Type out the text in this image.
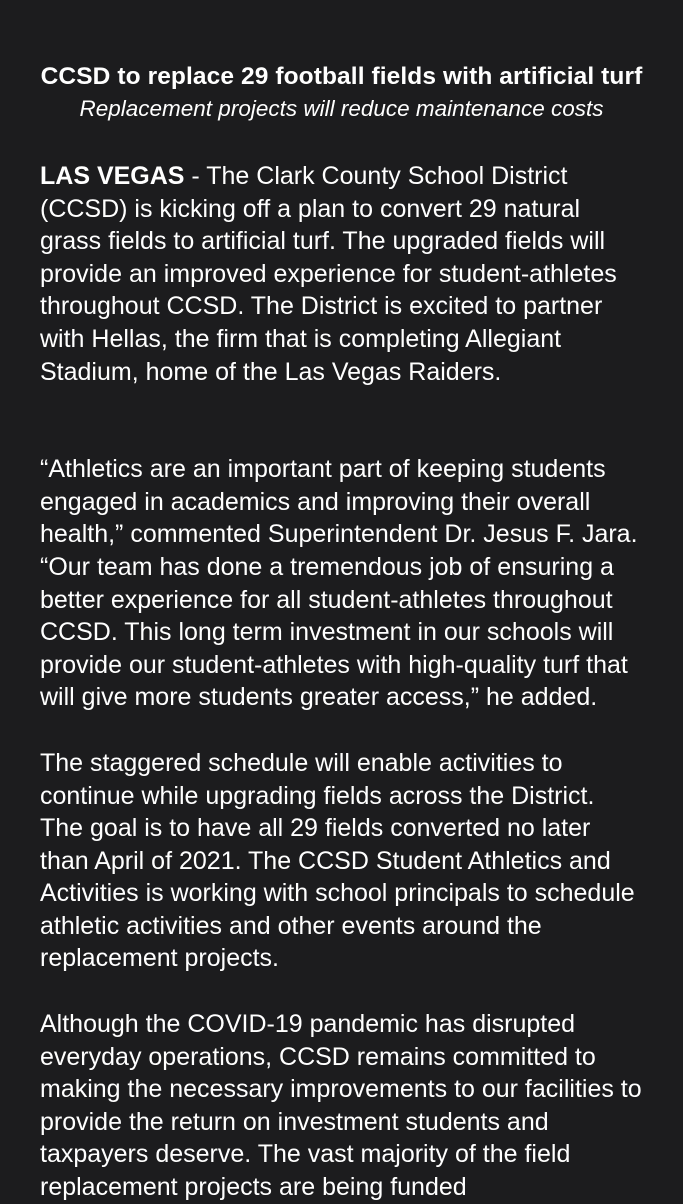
CCSD to replace 29 football fields with artificial turf

Replacement projects will reduce maintenance costs

LAS VEGAS - The Clark County School District (CCSD) is kicking off a plan to convert 29 natural grass fields to artificial turf. The upgraded fields will provide an improved experience for student-athletes throughout CCSD. The District is excited to partner with Hellas, the firm that is completing Allegiant Stadium, home of the Las Vegas Raiders.

“Athletics are an important part of keeping students engaged in academics and improving their overall health,” commented Superintendent Dr. Jesus F. Jara. “Our team has done a tremendous job of ensuring a better experience for all student-athletes throughout CCSD. This long term investment in our schools will provide our student-athletes with high-quality turf that will give more students greater access,” he added.

The staggered schedule will enable activities to continue while upgrading fields across the District. The goal is to have all 29 fields converted no later than April of 2021. The CCSD Student Athletics and Activities is working with school principals to schedule athletic activities and other events around the replacement projects.

Although the COVID-19 pandemic has disrupted everyday operations, CCSD remains committed to making the necessary improvements to our facilities to provide the return on investment students and taxpayers deserve. The vast majority of the field replacement projects are being funded
